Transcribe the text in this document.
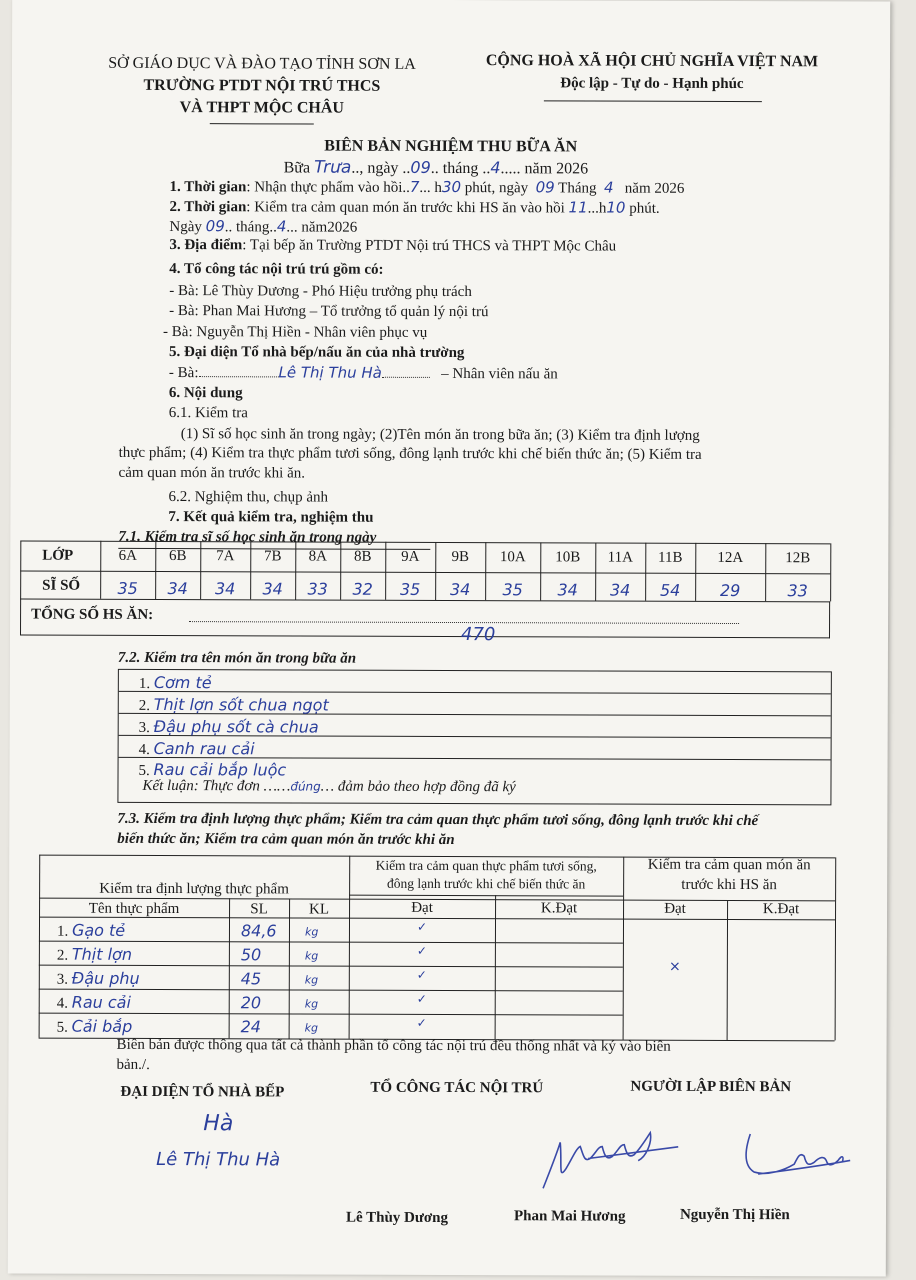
SỞ GIÁO DỤC VÀ ĐÀO TẠO TỈNH SƠN LA
TRƯỜNG PTDT NỘI TRÚ THCS
VÀ THPT MỘC CHÂU
CỘNG HOÀ XÃ HỘI CHỦ NGHĨA VIỆT NAM
Độc lập - Tự do - Hạnh phúc
BIÊN BẢN NGHIỆM THU BỮA ĂN
Bữa Trưa.., ngày ..09.. tháng ..4..... năm 2026
1. Thời gian: Nhận thực phẩm vào hồi..7... h30 phút, ngày 09 Tháng 4 năm 2026
2. Thời gian: Kiểm tra cảm quan món ăn trước khi HS ăn vào hồi 11...h10 phút.
Ngày 09.. tháng..4... năm2026
3. Địa điểm: Tại bếp ăn Trường PTDT Nội trú THCS và THPT Mộc Châu
4. Tổ công tác nội trú trú gồm có:
- Bà: Lê Thùy Dương - Phó Hiệu trưởng phụ trách
- Bà: Phan Mai Hương – Tổ trưởng tổ quản lý nội trú
- Bà: Nguyễn Thị Hiền - Nhân viên phục vụ
5. Đại diện Tổ nhà bếp/nấu ăn của nhà trường
- Bà:	Lê Thị Thu Hà	– Nhân viên nấu ăn
6. Nội dung
6.1. Kiểm tra
(1) Sĩ số học sinh ăn trong ngày; (2)Tên món ăn trong bữa ăn; (3) Kiểm tra định lượng
thực phẩm; (4) Kiểm tra thực phẩm tươi sống, đông lạnh trước khi chế biến thức ăn; (5) Kiểm tra
cảm quan món ăn trước khi ăn.
6.2. Nghiệm thu, chụp ảnh
7. Kết quả kiểm tra, nghiệm thu
7.1. Kiểm tra sĩ số học sinh ăn trong ngày
LỚP
SĨ SỐ
6A	6B	7A	7B	8A	8B	9A	9B	10A	10B	11A	11B	12A	12B
35	34	34	34	33	32	35	34	35	34	34	54	29	33
TỔNG SỐ HS ĂN:
470
7.2. Kiểm tra tên món ăn trong bữa ăn
1. Cơm tẻ
2. Thịt lợn sốt chua ngọt
3. Đậu phụ sốt cà chua
4. Canh rau cải
5. Rau cải bắp luộc
Kết luận: Thực đơn ……đúng… đảm bảo theo hợp đồng đã ký
7.3. Kiểm tra định lượng thực phẩm; Kiểm tra cảm quan thực phẩm tươi sống, đông lạnh trước khi chế
biến thức ăn; Kiểm tra cảm quan món ăn trước khi ăn
Kiểm tra định lượng thực phẩm
Kiểm tra cảm quan thực phẩm tươi sống,
đông lạnh trước khi chế biến thức ăn
Kiểm tra cảm quan món ăn
trước khi HS ăn
Tên thực phẩm	SL	KL	Đạt	K.Đạt	Đạt	K.Đạt
1. Gạo tẻ	84,6	kg	✓
2. Thịt lợn	50	kg	✓
3. Đậu phụ	45	kg	✓
4. Rau cải	20	kg	✓
5. Cải bắp	24	kg	✓
×
Biên bản được thông qua tất cả thành phần tổ công tác nội trú đều thống nhất và ký vào biên
bản./.
ĐẠI DIỆN TỔ NHÀ BẾP	TỔ CÔNG TÁC NỘI TRÚ	NGƯỜI LẬP BIÊN BẢN
Hà
Lê Thị Thu Hà
Lê Thùy Dương	Phan Mai Hương	Nguyễn Thị Hiền
